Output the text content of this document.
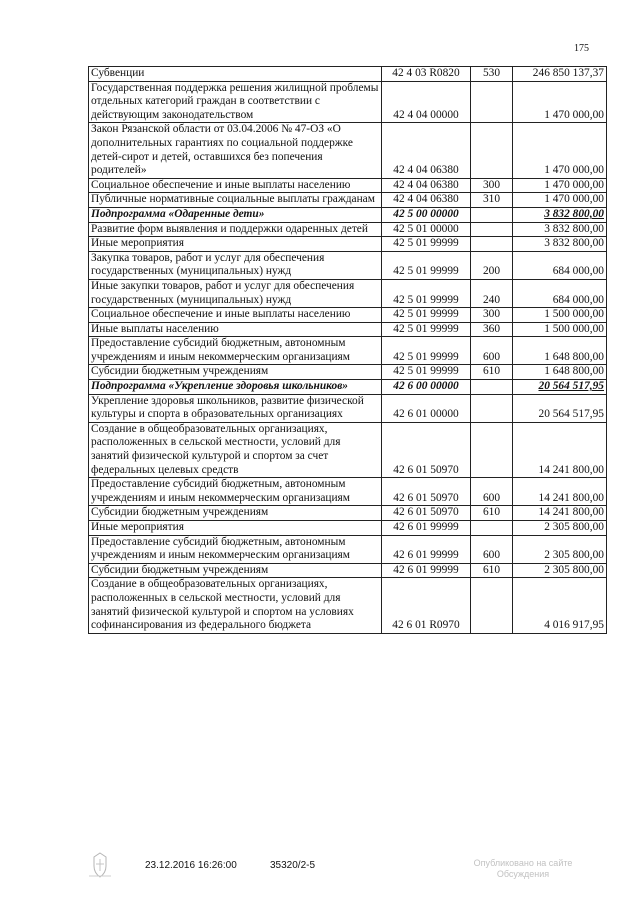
175
Субвенции	42 4 03 R0820	530	246 850 137,37
Государственная поддержка решения жилищной проблемы отдельных категорий граждан в соответствии с действующим законодательством	42 4 04 00000		1 470 000,00
Закон Рязанской области от 03.04.2006 № 47-ОЗ «О дополнительных гарантиях по социальной поддержке детей-сирот и детей, оставшихся без попечения родителей»	42 4 04 06380		1 470 000,00
Социальное обеспечение и иные выплаты населению	42 4 04 06380	300	1 470 000,00
Публичные нормативные социальные выплаты гражданам	42 4 04 06380	310	1 470 000,00
Подпрограмма «Одаренные дети»	42 5 00 00000		3 832 800,00
Развитие форм выявления и поддержки одаренных детей	42 5 01 00000		3 832 800,00
Иные мероприятия	42 5 01 99999		3 832 800,00
Закупка товаров, работ и услуг для обеспечения государственных (муниципальных) нужд	42 5 01 99999	200	684 000,00
Иные закупки товаров, работ и услуг для обеспечения государственных (муниципальных) нужд	42 5 01 99999	240	684 000,00
Социальное обеспечение и иные выплаты населению	42 5 01 99999	300	1 500 000,00
Иные выплаты населению	42 5 01 99999	360	1 500 000,00
Предоставление субсидий бюджетным, автономным учреждениям и иным некоммерческим организациям	42 5 01 99999	600	1 648 800,00
Субсидии бюджетным учреждениям	42 5 01 99999	610	1 648 800,00
Подпрограмма «Укрепление здоровья школьников»	42 6 00 00000		20 564 517,95
Укрепление здоровья школьников, развитие физической культуры и спорта в образовательных организациях	42 6 01 00000		20 564 517,95
Создание в общеобразовательных организациях, расположенных в сельской местности, условий для занятий физической культурой и спортом за счет федеральных целевых средств	42 6 01 50970		14 241 800,00
Предоставление субсидий бюджетным, автономным учреждениям и иным некоммерческим организациям	42 6 01 50970	600	14 241 800,00
Субсидии бюджетным учреждениям	42 6 01 50970	610	14 241 800,00
Иные мероприятия	42 6 01 99999		2 305 800,00
Предоставление субсидий бюджетным, автономным учреждениям и иным некоммерческим организациям	42 6 01 99999	600	2 305 800,00
Субсидии бюджетным учреждениям	42 6 01 99999	610	2 305 800,00
Создание в общеобразовательных организациях, расположенных в сельской местности, условий для занятий физической культурой и спортом на условиях софинансирования из федерального бюджета	42 6 01 R0970		4 016 917,95
23.12.2016 16:26:00	35320/2-5	Опубликовано на сайте Обсуждения
